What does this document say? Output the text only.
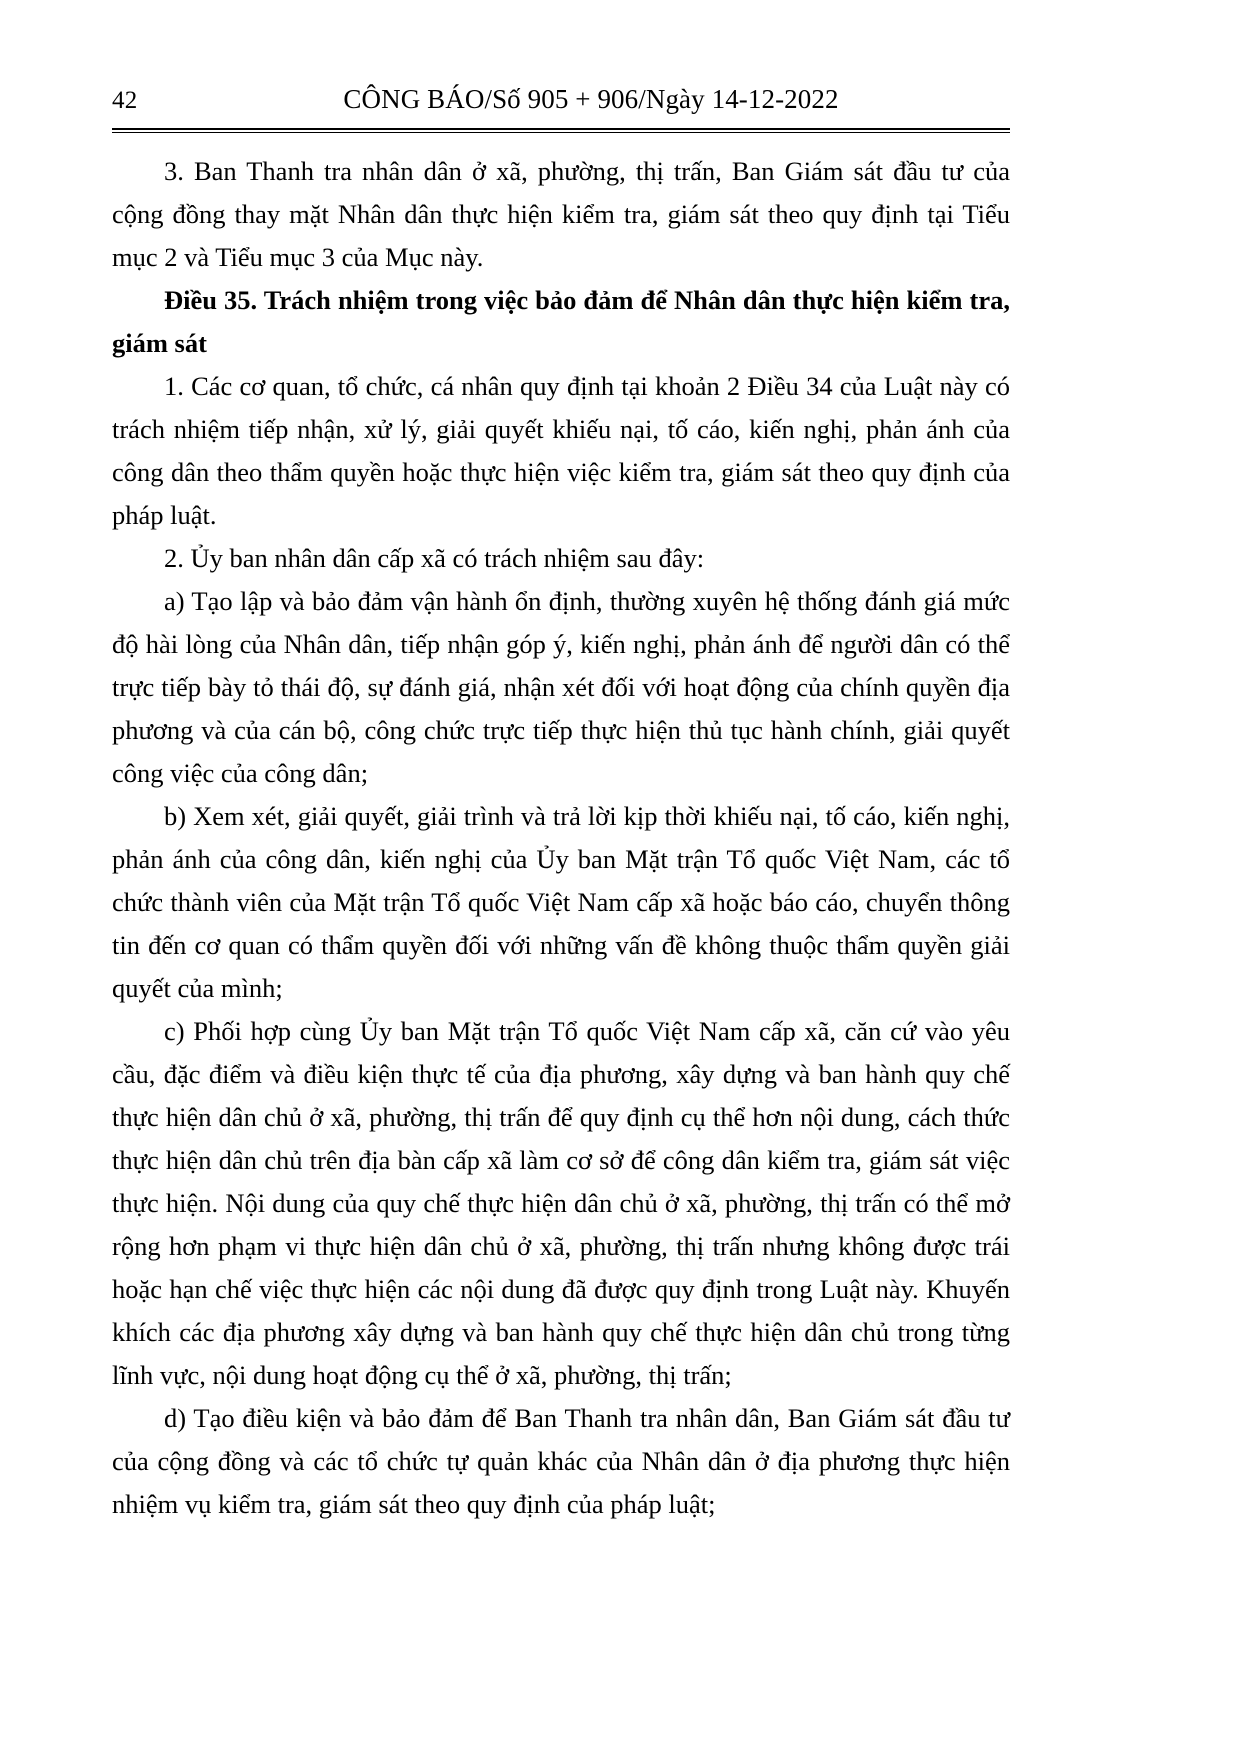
42	CÔNG BÁO/Số 905 + 906/Ngày 14-12-2022

3. Ban Thanh tra nhân dân ở xã, phường, thị trấn, Ban Giám sát đầu tư của cộng đồng thay mặt Nhân dân thực hiện kiểm tra, giám sát theo quy định tại Tiểu mục 2 và Tiểu mục 3 của Mục này.

Điều 35. Trách nhiệm trong việc bảo đảm để Nhân dân thực hiện kiểm tra, giám sát

1. Các cơ quan, tổ chức, cá nhân quy định tại khoản 2 Điều 34 của Luật này có trách nhiệm tiếp nhận, xử lý, giải quyết khiếu nại, tố cáo, kiến nghị, phản ánh của công dân theo thẩm quyền hoặc thực hiện việc kiểm tra, giám sát theo quy định của pháp luật.

2. Ủy ban nhân dân cấp xã có trách nhiệm sau đây:

a) Tạo lập và bảo đảm vận hành ổn định, thường xuyên hệ thống đánh giá mức độ hài lòng của Nhân dân, tiếp nhận góp ý, kiến nghị, phản ánh để người dân có thể trực tiếp bày tỏ thái độ, sự đánh giá, nhận xét đối với hoạt động của chính quyền địa phương và của cán bộ, công chức trực tiếp thực hiện thủ tục hành chính, giải quyết công việc của công dân;

b) Xem xét, giải quyết, giải trình và trả lời kịp thời khiếu nại, tố cáo, kiến nghị, phản ánh của công dân, kiến nghị của Ủy ban Mặt trận Tổ quốc Việt Nam, các tổ chức thành viên của Mặt trận Tổ quốc Việt Nam cấp xã hoặc báo cáo, chuyển thông tin đến cơ quan có thẩm quyền đối với những vấn đề không thuộc thẩm quyền giải quyết của mình;

c) Phối hợp cùng Ủy ban Mặt trận Tổ quốc Việt Nam cấp xã, căn cứ vào yêu cầu, đặc điểm và điều kiện thực tế của địa phương, xây dựng và ban hành quy chế thực hiện dân chủ ở xã, phường, thị trấn để quy định cụ thể hơn nội dung, cách thức thực hiện dân chủ trên địa bàn cấp xã làm cơ sở để công dân kiểm tra, giám sát việc thực hiện. Nội dung của quy chế thực hiện dân chủ ở xã, phường, thị trấn có thể mở rộng hơn phạm vi thực hiện dân chủ ở xã, phường, thị trấn nhưng không được trái hoặc hạn chế việc thực hiện các nội dung đã được quy định trong Luật này. Khuyến khích các địa phương xây dựng và ban hành quy chế thực hiện dân chủ trong từng lĩnh vực, nội dung hoạt động cụ thể ở xã, phường, thị trấn;

d) Tạo điều kiện và bảo đảm để Ban Thanh tra nhân dân, Ban Giám sát đầu tư của cộng đồng và các tổ chức tự quản khác của Nhân dân ở địa phương thực hiện nhiệm vụ kiểm tra, giám sát theo quy định của pháp luật;
